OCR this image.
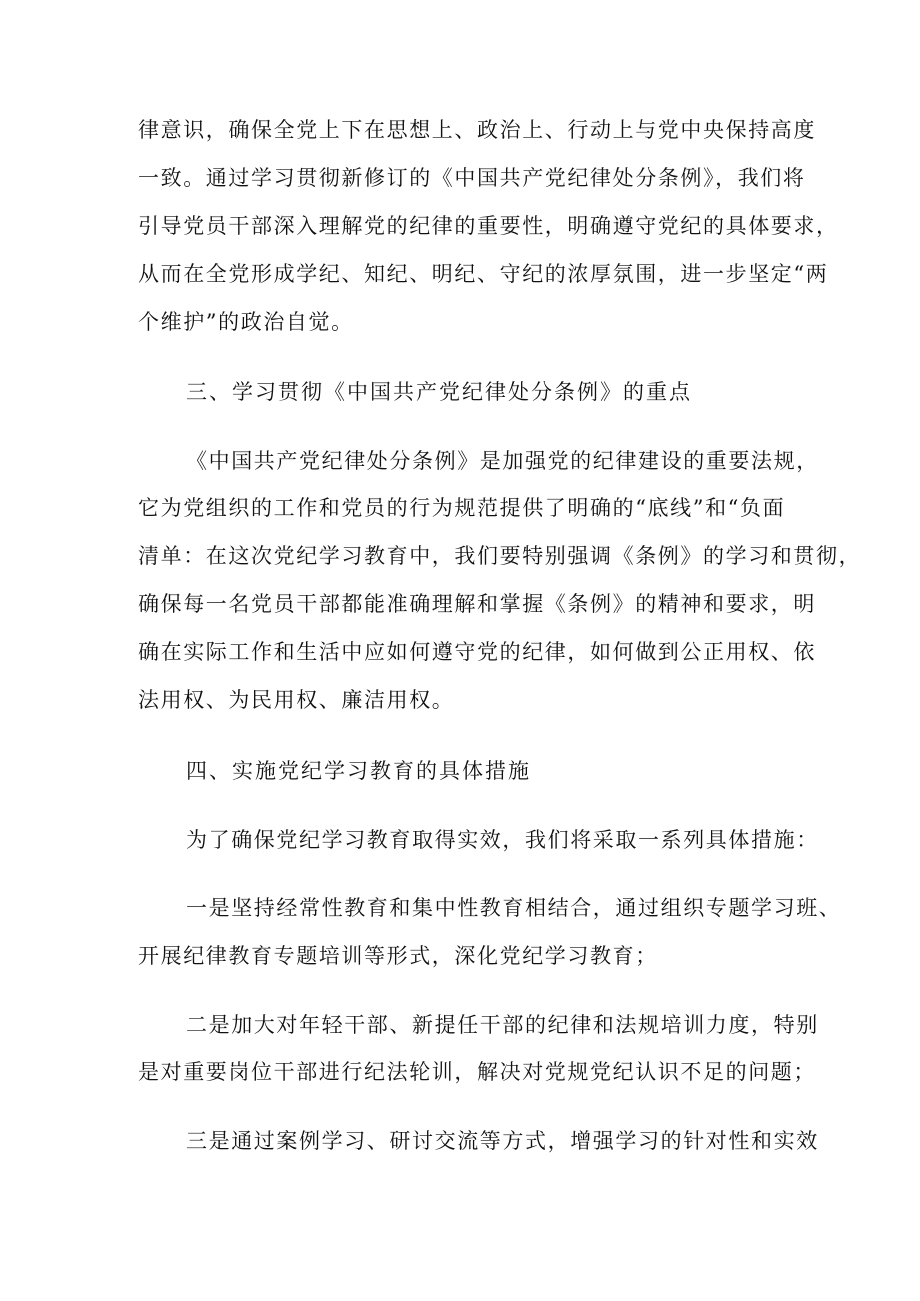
律意识，确保全党上下在思想上、政治上、行动上与党中央保持高度
一致。通过学习贯彻新修订的《中国共产党纪律处分条例》，我们将
引导党员干部深入理解党的纪律的重要性，明确遵守党纪的具体要求，
从而在全党形成学纪、知纪、明纪、守纪的浓厚氛围，进一步坚定“两
个维护”的政治自觉。
三、学习贯彻《中国共产党纪律处分条例》的重点
《中国共产党纪律处分条例》是加强党的纪律建设的重要法规，
它为党组织的工作和党员的行为规范提供了明确的“底线”和“负面
清单：在这次党纪学习教育中，我们要特别强调《条例》的学习和贯彻，
确保每一名党员干部都能准确理解和掌握《条例》的精神和要求，明
确在实际工作和生活中应如何遵守党的纪律，如何做到公正用权、依
法用权、为民用权、廉洁用权。
四、实施党纪学习教育的具体措施
为了确保党纪学习教育取得实效，我们将采取一系列具体措施：
一是坚持经常性教育和集中性教育相结合，通过组织专题学习班、
开展纪律教育专题培训等形式，深化党纪学习教育；
二是加大对年轻干部、新提任干部的纪律和法规培训力度，特别
是对重要岗位干部进行纪法轮训，解决对党规党纪认识不足的问题；
三是通过案例学习、研讨交流等方式，增强学习的针对性和实效
